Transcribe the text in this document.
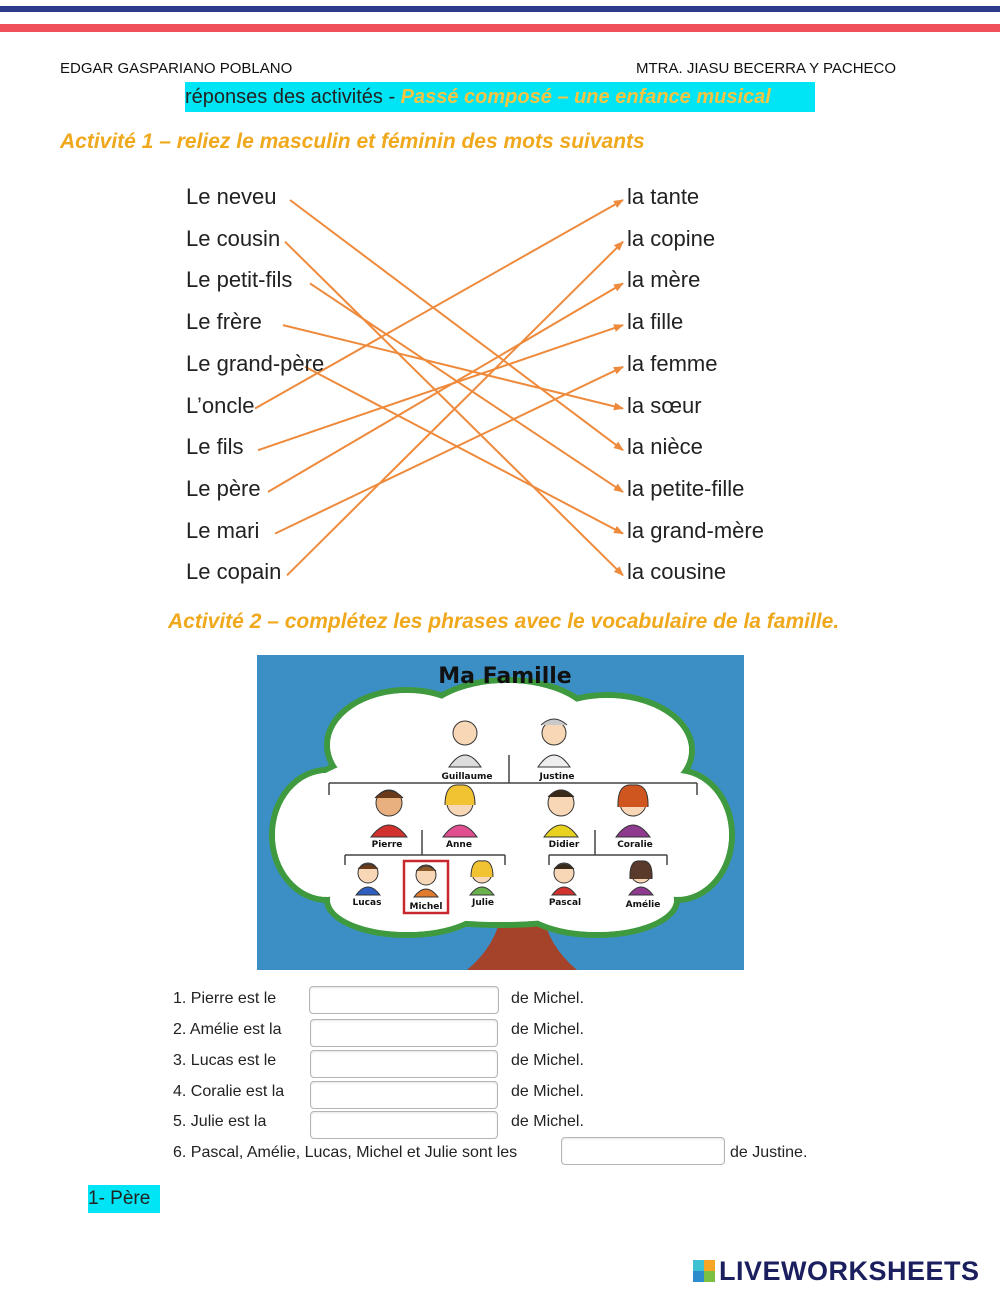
EDGAR GASPARIANO POBLANO	MTRA. JIASU BECERRA Y PACHECO
réponses des activités - Passé composé – une enfance musical
Activité 1 – reliez le masculin et féminin des mots suivants
Le neveu
Le cousin
Le petit-fils
Le frère
Le grand-père
L’oncle
Le fils
Le père
Le mari
Le copain
la tante
la copine
la mère
la fille
la femme
la sœur
la nièce
la petite-fille
la grand-mère
la cousine
Activité 2 – complétez les phrases avec le vocabulaire de la famille.
Ma Famille
Guillaume	Justine
Pierre	Anne	Didier	Coralie
Lucas	Michel	Julie	Pascal	Amélie
1. Pierre est le	de Michel.
2. Amélie est la	de Michel.
3. Lucas est le	de Michel.
4. Coralie est la	de Michel.
5. Julie est la	de Michel.
6. Pascal, Amélie, Lucas, Michel et Julie sont les	de Justine.
1- Père
LIVEWORKSHEETS
